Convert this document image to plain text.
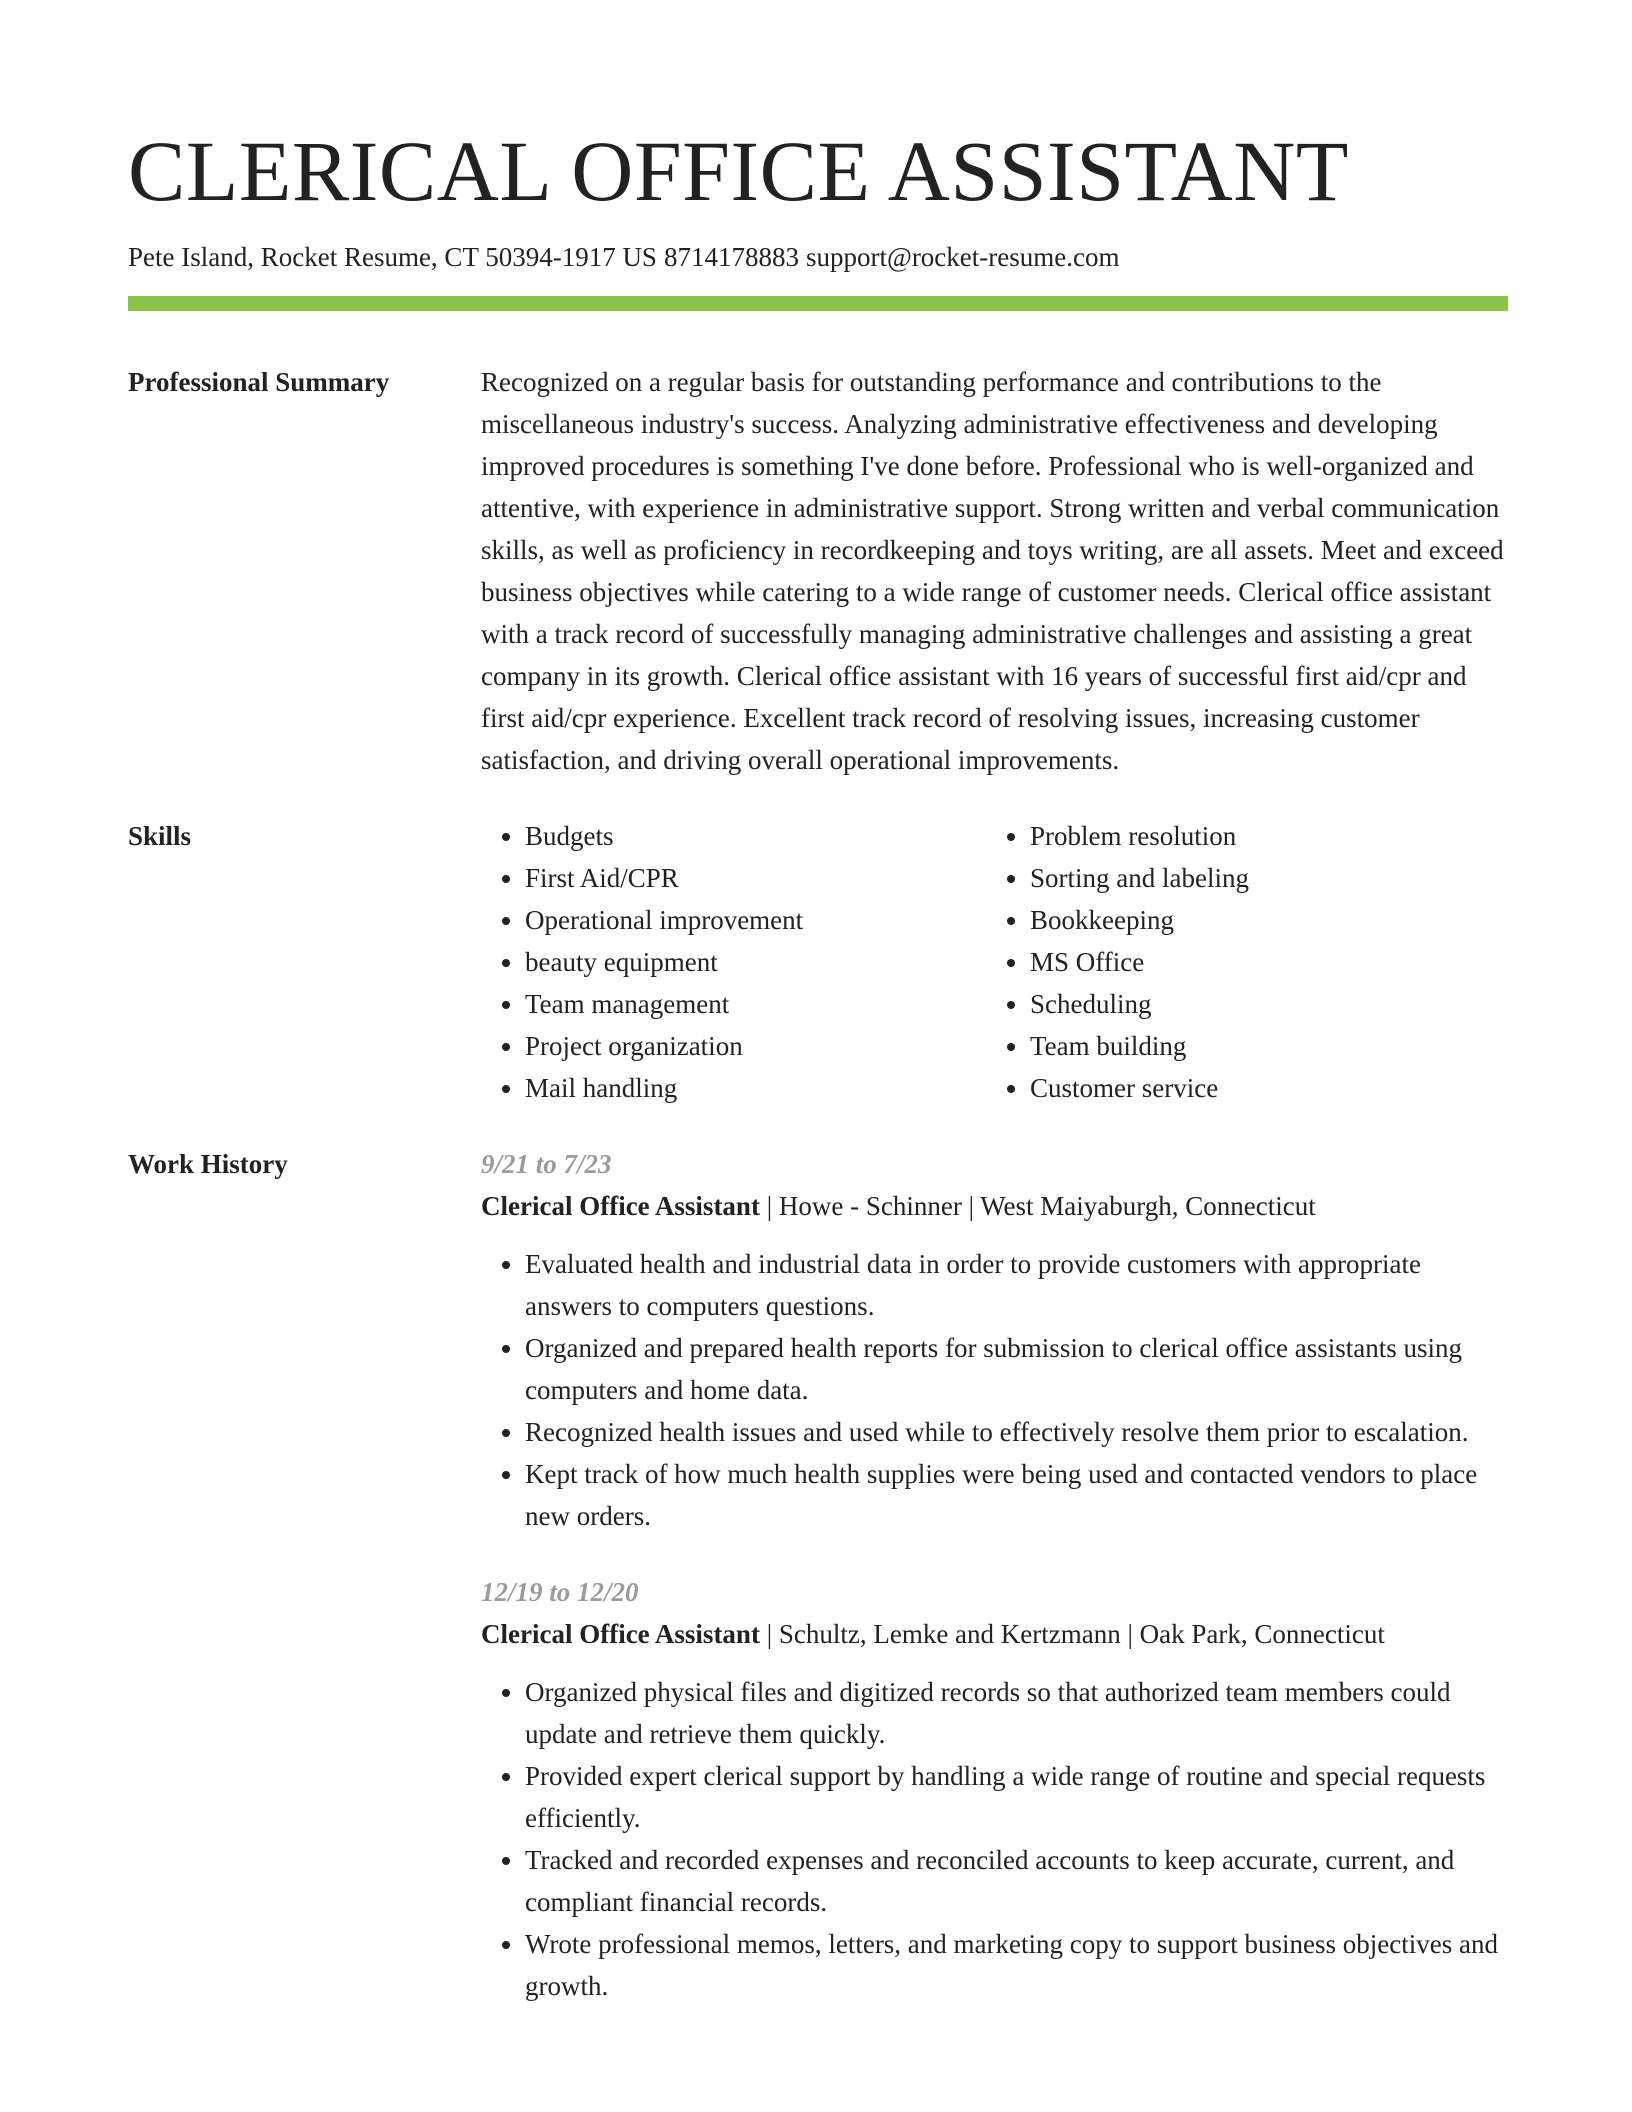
CLERICAL OFFICE ASSISTANT
Pete Island, Rocket Resume, CT 50394-1917 US 8714178883 support@rocket-resume.com
Professional Summary	Recognized on a regular basis for outstanding performance and contributions to the miscellaneous industry's success. Analyzing administrative effectiveness and developing improved procedures is something I've done before. Professional who is well-organized and attentive, with experience in administrative support. Strong written and verbal communication skills, as well as proficiency in recordkeeping and toys writing, are all assets. Meet and exceed business objectives while catering to a wide range of customer needs. Clerical office assistant with a track record of successfully managing administrative challenges and assisting a great company in its growth. Clerical office assistant with 16 years of successful first aid/cpr and first aid/cpr experience. Excellent track record of resolving issues, increasing customer satisfaction, and driving overall operational improvements.
Skills
•	Budgets
• First Aid/CPR
• Operational improvement
• beauty equipment
• Team management
• Project organization
• Mail handling
• Problem resolution
• Sorting and labeling
• Bookkeeping
• MS Office
• Scheduling
• Team building
• Customer service
Work History	9/21 to 7/23
Clerical Office Assistant | Howe - Schinner | West Maiyaburgh, Connecticut
• Evaluated health and industrial data in order to provide customers with appropriate answers to computers questions.
• Organized and prepared health reports for submission to clerical office assistants using computers and home data.
• Recognized health issues and used while to effectively resolve them prior to escalation.
• Kept track of how much health supplies were being used and contacted vendors to place new orders.
12/19 to 12/20
Clerical Office Assistant | Schultz, Lemke and Kertzmann | Oak Park, Connecticut
• Organized physical files and digitized records so that authorized team members could update and retrieve them quickly.
• Provided expert clerical support by handling a wide range of routine and special requests efficiently.
• Tracked and recorded expenses and reconciled accounts to keep accurate, current, and compliant financial records.
• Wrote professional memos, letters, and marketing copy to support business objectives and growth.
